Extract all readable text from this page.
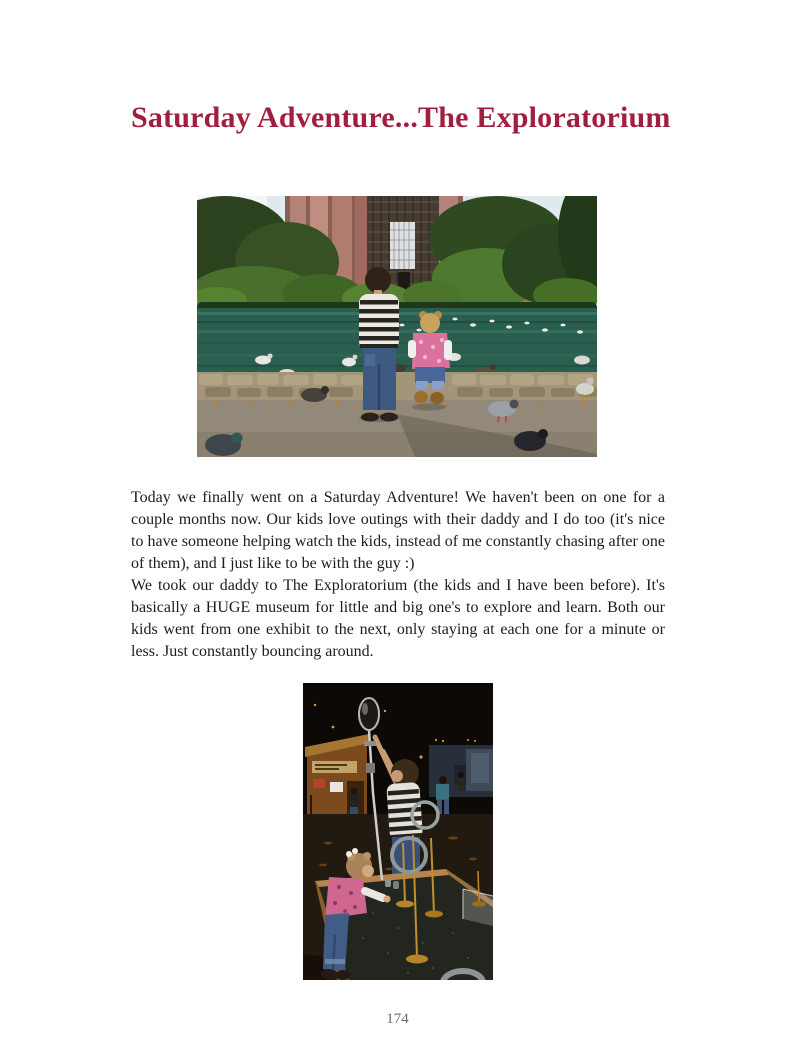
Saturday Adventure...The Exploratorium

Today we finally went on a Saturday Adventure! We haven't been on one for a couple months now. Our kids love outings with their daddy and I do too (it's nice to have someone helping watch the kids, instead of me constantly chasing after one of them), and I just like to be with the guy :)

We took our daddy to The Exploratorium (the kids and I have been before). It's basically a HUGE museum for little and big one's to explore and learn. Both our kids went from one exhibit to the next, only staying at each one for a minute or less. Just constantly bouncing around.

174
